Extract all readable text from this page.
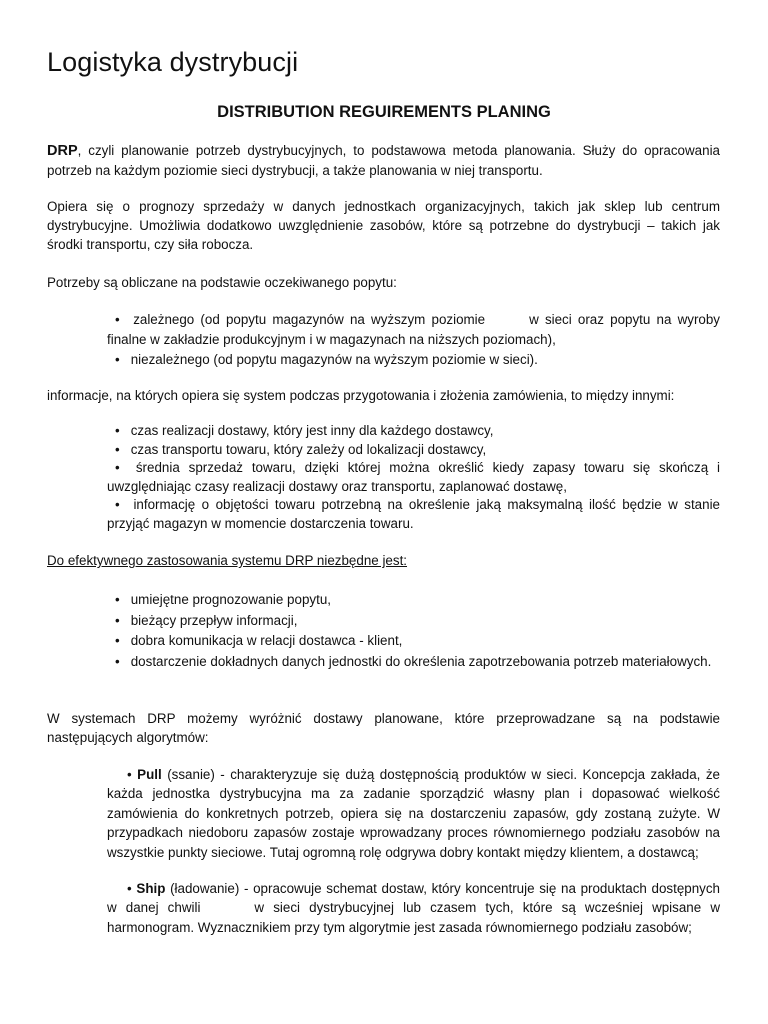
Logistyka dystrybucji
DISTRIBUTION REGUIREMENTS PLANING

DRP, czyli planowanie potrzeb dystrybucyjnych, to podstawowa metoda planowania. Służy do opracowania potrzeb na każdym poziomie sieci dystrybucji, a także planowania w niej transportu.

Opiera się o prognozy sprzedaży w danych jednostkach organizacyjnych, takich jak sklep lub centrum dystrybucyjne. Umożliwia dodatkowo uwzględnienie zasobów, które są potrzebne do dystrybucji – takich jak środki transportu, czy siła robocza.

Potrzeby są obliczane na podstawie oczekiwanego popytu:

• zależnego (od popytu magazynów na wyższym poziomie	w sieci oraz popytu na wyroby finalne w zakładzie produkcyjnym i w magazynach na niższych poziomach),

• niezależnego (od popytu magazynów na wyższym poziomie w sieci).

informacje, na których opiera się system podczas przygotowania i złożenia zamówienia, to między innymi:

• czas realizacji dostawy, który jest inny dla każdego dostawcy,

• czas transportu towaru, który zależy od lokalizacji dostawcy,

• średnia sprzedaż towaru, dzięki której można określić kiedy zapasy towaru się skończą i uwzględniając czasy realizacji dostawy oraz transportu, zaplanować dostawę,

• informację o objętości towaru potrzebną na określenie jaką maksymalną ilość będzie w stanie przyjąć magazyn w momencie dostarczenia towaru.

Do efektywnego zastosowania systemu DRP niezbędne jest:

• umiejętne prognozowanie popytu,

• bieżący przepływ informacji,

• dobra komunikacja w relacji dostawca - klient,

• dostarczenie dokładnych danych jednostki do określenia zapotrzebowania potrzeb materiałowych.

W systemach DRP możemy wyróżnić dostawy planowane, które przeprowadzane są na podstawie następujących algorytmów:

• Pull (ssanie) - charakteryzuje się dużą dostępnością produktów w sieci. Koncepcja zakłada, że każda jednostka dystrybucyjna ma za zadanie sporządzić własny plan i dopasować wielkość zamówienia do konkretnych potrzeb, opiera się na dostarczeniu zapasów, gdy zostaną zużyte. W przypadkach niedoboru zapasów zostaje wprowadzany proces równomiernego podziału zasobów na wszystkie punkty sieciowe. Tutaj ogromną rolę odgrywa dobry kontakt między klientem, a dostawcą;

• Ship (ładowanie) - opracowuje schemat dostaw, który koncentruje się na produktach dostępnych w danej chwili	w sieci dystrybucyjnej lub czasem tych, które są wcześniej wpisane w harmonogram. Wyznacznikiem przy tym algorytmie jest zasada równomiernego podziału zasobów;
